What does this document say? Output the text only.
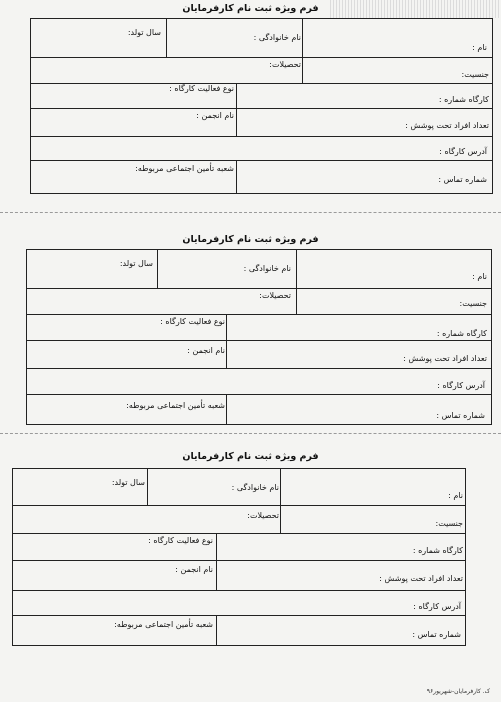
فرم ویژه ثبت نام کارفرمایان
نام :
نام خانوادگی :
سال تولد:
جنسیت:
تحصیلات:
کارگاه شماره :
نوع فعالیت کارگاه :
تعداد افراد تحت پوشش :
نام انجمن :
آدرس کارگاه :
شماره تماس :
شعبه تأمین اجتماعی مربوطه:
فرم ویژه ثبت نام کارفرمایان
نام :
نام خانوادگی :
سال تولد:
جنسیت:
تحصیلات:
کارگاه شماره :
نوع فعالیت کارگاه :
تعداد افراد تحت پوشش :
نام انجمن :
آدرس کارگاه :
شماره تماس :
شعبه تأمین اجتماعی مربوطه:
فرم ویژه ثبت نام کارفرمایان
نام :
نام خانوادگی :
سال تولد:
جنسیت:
تحصیلات:
کارگاه شماره :
نوع فعالیت کارگاه :
تعداد افراد تحت پوشش :
نام انجمن :
آدرس کارگاه :
شماره تماس :
شعبه تأمین اجتماعی مربوطه:
ک. کارفرمایان-شهریور۹۶
